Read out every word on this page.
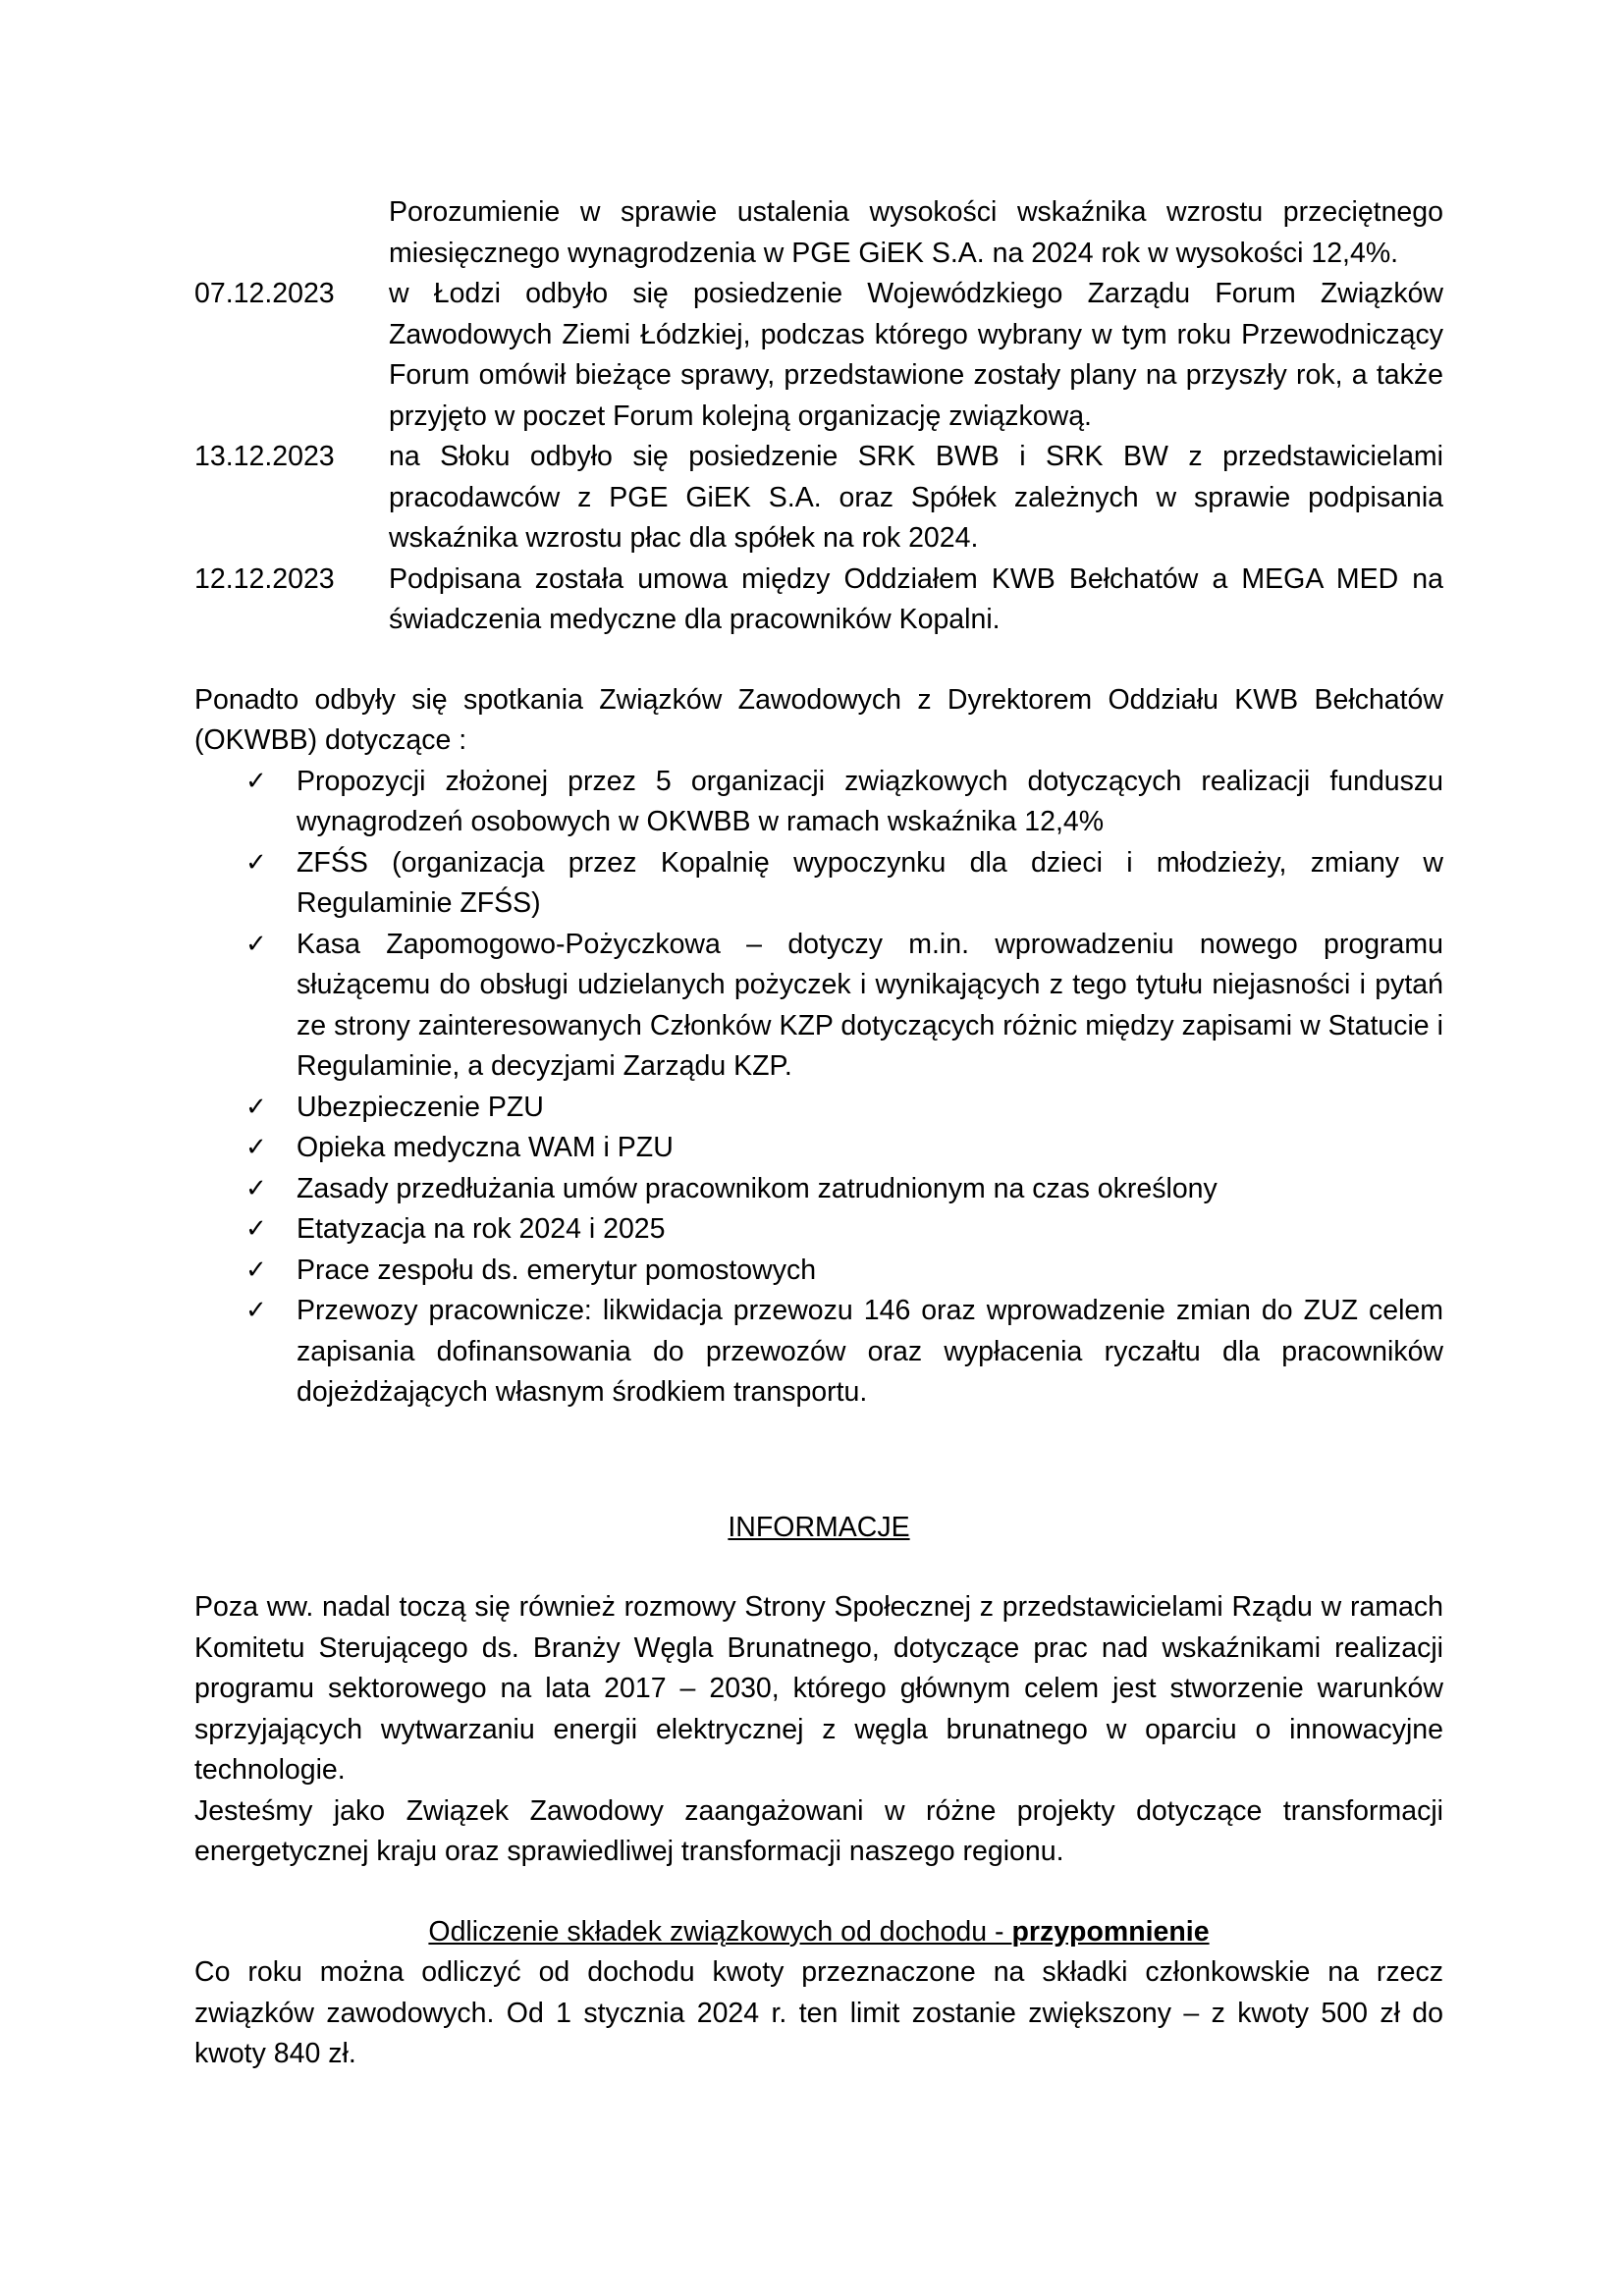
Porozumienie w sprawie ustalenia wysokości wskaźnika wzrostu przeciętnego miesięcznego wynagrodzenia w PGE GiEK S.A. na 2024 rok w wysokości 12,4%.
07.12.2023	w Łodzi odbyło się posiedzenie Wojewódzkiego Zarządu Forum Związków Zawodowych Ziemi Łódzkiej, podczas którego wybrany w tym roku Przewodniczący Forum omówił bieżące sprawy, przedstawione zostały plany na przyszły rok, a także przyjęto w poczet Forum kolejną organizację związkową.
13.12.2023	na Słoku odbyło się posiedzenie SRK BWB i SRK BW z przedstawicielami pracodawców z PGE GiEK S.A. oraz Spółek zależnych w sprawie podpisania wskaźnika wzrostu płac dla spółek na rok 2024.
12.12.2023	Podpisana została umowa między Oddziałem KWB Bełchatów a MEGA MED na świadczenia medyczne dla pracowników Kopalni.

Ponadto odbyły się spotkania Związków Zawodowych z Dyrektorem Oddziału KWB Bełchatów (OKWBB) dotyczące :

✓	Propozycji złożonej przez 5 organizacji związkowych dotyczących realizacji funduszu wynagrodzeń osobowych w OKWBB w ramach wskaźnika 12,4%
✓	ZFŚS (organizacja przez Kopalnię wypoczynku dla dzieci i młodzieży, zmiany w Regulaminie ZFŚS)
✓	Kasa Zapomogowo-Pożyczkowa – dotyczy m.in. wprowadzeniu nowego programu służącemu do obsługi udzielanych pożyczek i wynikających z tego tytułu niejasności i pytań ze strony zainteresowanych Członków KZP dotyczących różnic między zapisami w Statucie i Regulaminie, a decyzjami Zarządu KZP.
✓	Ubezpieczenie PZU
✓	Opieka medyczna WAM i PZU
✓	Zasady przedłużania umów pracownikom zatrudnionym na czas określony
✓	Etatyzacja na rok 2024 i 2025
✓	Prace zespołu ds. emerytur pomostowych
✓	Przewozy pracownicze: likwidacja przewozu 146 oraz wprowadzenie zmian do ZUZ celem zapisania dofinansowania do przewozów oraz wypłacenia ryczałtu dla pracowników dojeżdżających własnym środkiem transportu.
INFORMACJE

Poza ww. nadal toczą się również rozmowy Strony Społecznej z przedstawicielami Rządu w ramach Komitetu Sterującego ds. Branży Węgla Brunatnego, dotyczące prac nad wskaźnikami realizacji programu sektorowego na lata 2017 – 2030, którego głównym celem jest stworzenie warunków sprzyjających wytwarzaniu energii elektrycznej z węgla brunatnego w oparciu o innowacyjne technologie.

Jesteśmy jako Związek Zawodowy zaangażowani w różne projekty dotyczące transformacji energetycznej kraju oraz sprawiedliwej transformacji naszego regionu.

Odliczenie składek związkowych od dochodu - przypomnienie

Co roku można odliczyć od dochodu kwoty przeznaczone na składki członkowskie na rzecz związków zawodowych. Od 1 stycznia 2024 r. ten limit zostanie zwiększony – z kwoty 500 zł do kwoty 840 zł.
